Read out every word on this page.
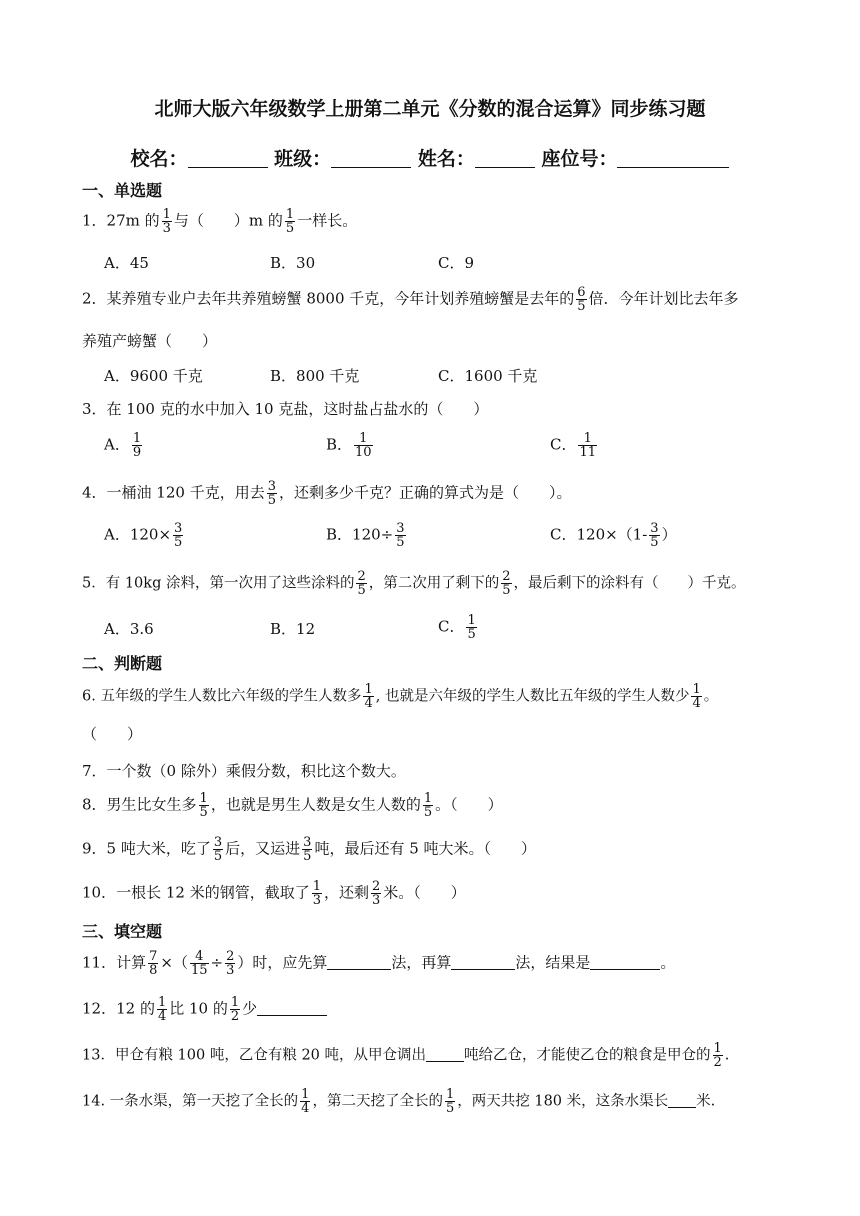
北师大版六年级数学上册第二单元《分数的混合运算》同步练习题
校名：	班级：	姓名：	座位号：
一、单选题
1．27m 的 $\frac{1}{3}$ 与（　　）m 的 $\frac{1}{5}$ 一样长。
A．45	B．30	C．9
2．某养殖专业户去年共养殖螃蟹 8000 千克，今年计划养殖螃蟹是去年的 $\frac{6}{5}$ 倍．今年计划比去年多
养殖产螃蟹（　　）
A．9600 千克	B．800 千克	C．1600 千克
3．在 100 克的水中加入 10 克盐，这时盐占盐水的（　　）
A． $\frac{1}{9}$	B． $\frac{1}{10}$	C． $\frac{1}{11}$
4．一桶油 120 千克，用去 $\frac{3}{5}$ ，还剩多少千克？正确的算式为是（　　）。
A．$120\times \frac{3}{5}$	B．$120\div \frac{3}{5}$	C．$120\times(1- \frac{3}{5}$ ）
5．有 10kg 涂料，第一次用了这些涂料的 $\frac{2}{5}$ ，第二次用了剩下的 $\frac{2}{5}$ ，最后剩下的涂料有（　　）千克。
A．3.6	B．12	C． $\frac{1}{5}$
二、判断题
6. 五年级的学生人数比六年级的学生人数多 $\frac{1}{4}$ , 也就是六年级的学生人数比五年级的学生人数少 $\frac{1}{4}$ 。
（　　）
7．一个数（0 除外）乘假分数，积比这个数大。
8．男生比女生多 $\frac{1}{5}$ ，也就是男生人数是女生人数的 $\frac{1}{5}$ 。（　　）
9．5 吨大米，吃了 $\frac{3}{5}$ 后，又运进 $\frac{3}{5}$ 吨，最后还有 5 吨大米。（　　）
10．一根长 12 米的钢管，截取了 $\frac{1}{3}$ ，还剩 $\frac{2}{3}$ 米。（　　）
三、填空题
11．计算 $\frac{7}{8}$ ×（ $\frac{4}{15} \div \frac{2}{3}$ ）时，应先算	法，再算	法，结果是	。
12．12 的 $\frac{1}{4}$ 比 10 的 $\frac{1}{2}$ 少
13．甲仓有粮 100 吨，乙仓有粮 20 吨，从甲仓调出	吨给乙仓，才能使乙仓的粮食是甲仓的 $\frac{1}{2}$ .
14. 一条水渠，第一天挖了全长的 $\frac{1}{4}$ ，第二天挖了全长的 $\frac{1}{5}$ ，两天共挖 180 米，这条水渠长 米.
